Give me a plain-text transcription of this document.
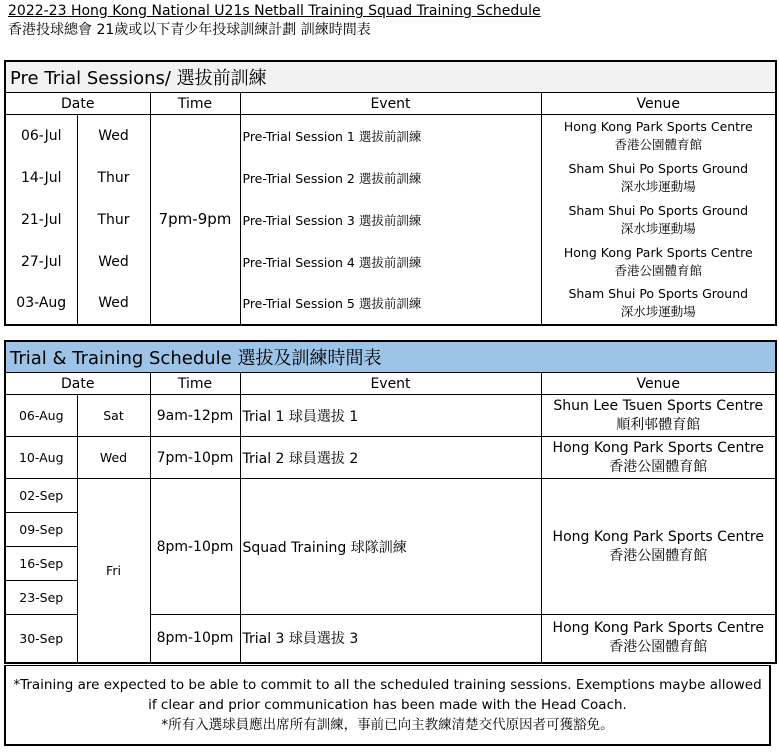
2022-23 Hong Kong National U21s Netball Training Squad Training Schedule
香港投球總會 21歲或以下青少年投球訓練計劃 訓練時間表
Pre Trial Sessions/ 選拔前訓練				
Date		Time	Event	Venue
06-Jul	Wed	7pm-9pm	Pre-Trial Session 1 選拔前訓練	Hong Kong Park Sports Centre
香港公園體育館

14-Jul	Thur		Pre-Trial Session 2 選拔前訓練	Sham Shui Po Sports Ground
深水埗運動場

21-Jul	Thur		Pre-Trial Session 3 選拔前訓練	Sham Shui Po Sports Ground
深水埗運動場

27-Jul	Wed		Pre-Trial Session 4 選拔前訓練	Hong Kong Park Sports Centre
香港公園體育館

03-Aug	Wed		Pre-Trial Session 5 選拔前訓練	Sham Shui Po Sports Ground
深水埗運動場
Trial & Training Schedule 選拔及訓練時間表				
Date		Time	Event	Venue
06-Aug	Sat	9am-12pm	Trial 1 球員選拔 1	Shun Lee Tsuen Sports Centre
順利邨體育館

10-Aug	Wed	7pm-10pm	Trial 2 球員選拔 2	Hong Kong Park Sports Centre
香港公園體育館

02-Sep	Fri	8pm-10pm	Squad Training 球隊訓練	Hong Kong Park Sports Centre
香港公園體育館

09-Sep				
16-Sep				
23-Sep				
30-Sep		8pm-10pm	Trial 3 球員選拔 3	Hong Kong Park Sports Centre
香港公園體育館
*Training are expected to be able to commit to all the scheduled training sessions. Exemptions maybe allowed
if clear and prior communication has been made with the Head Coach.
*所有入選球員應出席所有訓練，事前已向主教練清楚交代原因者可獲豁免。
